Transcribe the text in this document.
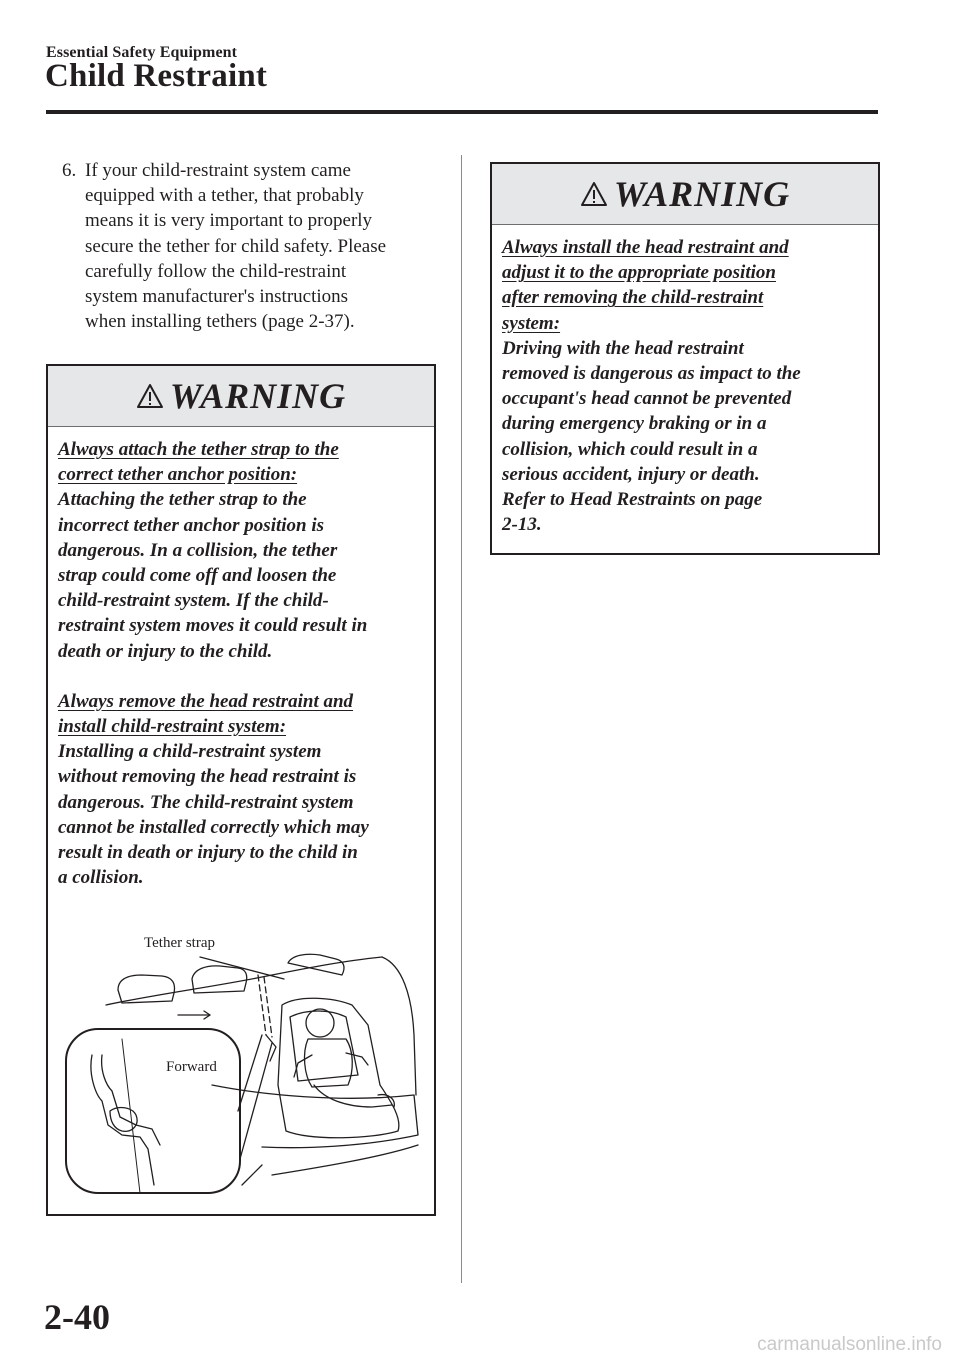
Essential Safety Equipment
Child Restraint
6. If your child-restraint system came
equipped with a tether, that probably
means it is very important to properly
secure the tether for child safety. Please
carefully follow the child-restraint
system manufacturer's instructions
when installing tethers (page 2-37).
WARNING

Always attach the tether strap to the
correct tether anchor position:

Attaching the tether strap to the
incorrect tether anchor position is
dangerous. In a collision, the tether
strap could come off and loosen the
child-restraint system. If the child-
restraint system moves it could result in
death or injury to the child.

Always remove the head restraint and
install child-restraint system:

Installing a child-restraint system
without removing the head restraint is
dangerous. The child-restraint system
cannot be installed correctly which may
result in death or injury to the child in
a collision.

Tether strap
Forward
WARNING

Always install the head restraint and
adjust it to the appropriate position
after removing the child-restraint
system:

Driving with the head restraint
removed is dangerous as impact to the
occupant's head cannot be prevented
during emergency braking or in a
collision, which could result in a
serious accident, injury or death.
Refer to Head Restraints on page
2-13.

2-40
carmanualsonline.info
